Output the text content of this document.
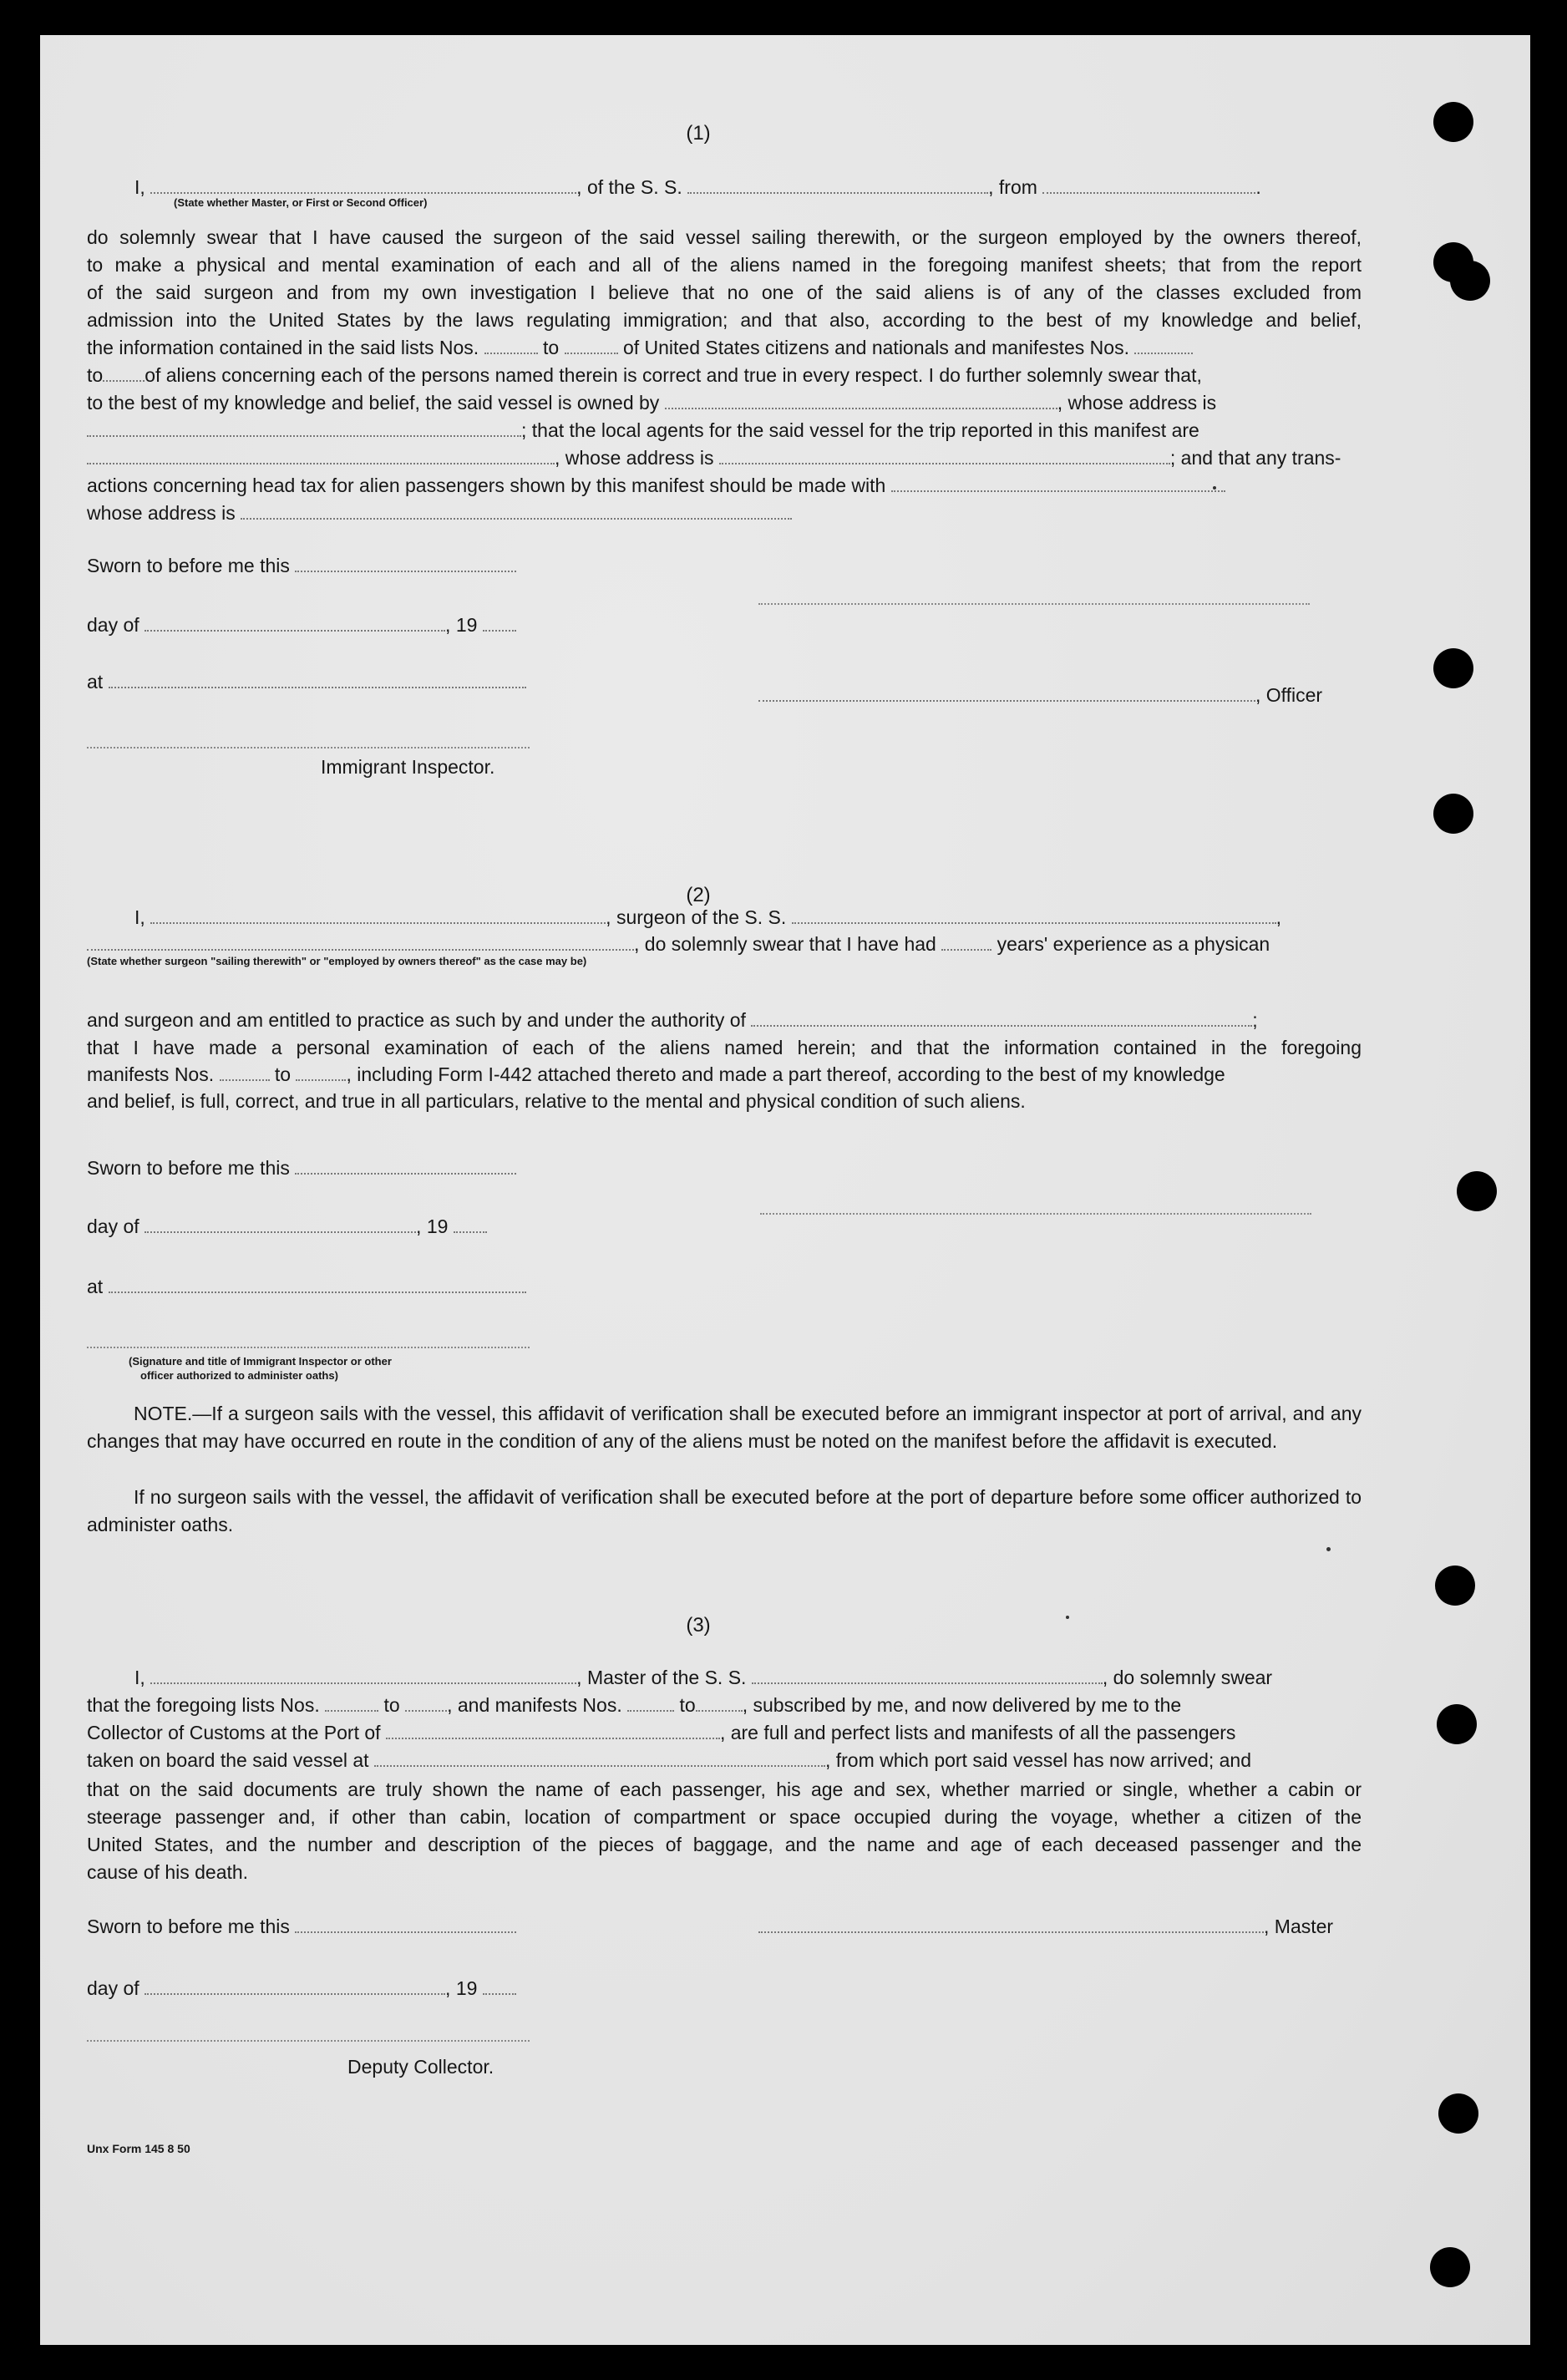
(1)
I,	, of the S. S.	, from	.
(State whether Master, or First or Second Officer)
do solemnly swear that I have caused the surgeon of the said vessel sailing therewith, or the surgeon employed by the owners thereof,
to make a physical and mental examination of each and all of the aliens named in the foregoing manifest sheets; that from the report
of the said surgeon and from my own investigation I believe that no one of the said aliens is of any of the classes excluded from
admission into the United States by the laws regulating immigration; and that also, according to the best of my knowledge and belief,
the information contained in the said lists Nos.	to	of United States citizens and nationals and manifestes Nos.
to of aliens concerning each of the persons named therein is correct and true in every respect. I do further solemnly swear that,
to the best of my knowledge and belief, the said vessel is owned by	, whose address is
; that the local agents for the said vessel for the trip reported in this manifest are
, whose address is	; and that any trans-
actions concerning head tax for alien passengers shown by this manifest should be made with
whose address is
Sworn to before me this
day of	, 19
at
, Officer
Immigrant Inspector.
(2)
I,	, surgeon of the S. S.	,
, do solemnly swear that I have had	years' experience as a physican
(State whether surgeon "sailing therewith" or "employed by owners thereof" as the case may be)
and surgeon and am entitled to practice as such by and under the authority of	;
that I have made a personal examination of each of the aliens named herein; and that the information contained in the foregoing
manifests Nos.	to	, including Form I-442 attached thereto and made a part thereof, according to the best of my knowledge
and belief, is full, correct, and true in all particulars, relative to the mental and physical condition of such aliens.
Sworn to before me this
day of	, 19
at
(Signature and title of Immigrant Inspector or other
officer authorized to administer oaths)
NOTE.—If a surgeon sails with the vessel, this affidavit of verification shall be executed before an immigrant inspector at port of arrival, and any changes that may have occurred en route in the condition of any of the aliens must be noted on the manifest before the affidavit is executed.
If no surgeon sails with the vessel, the affidavit of verification shall be executed before at the port of departure before some officer authorized to administer oaths.
(3)
I,	, Master of the S. S.	, do solemnly swear
that the foregoing lists Nos.	to , and manifests Nos.	to , subscribed by me, and now delivered by me to the
Collector of Customs at the Port of	, are full and perfect lists and manifests of all the passengers
taken on board the said vessel at	, from which port said vessel has now arrived; and
that on the said documents are truly shown the name of each passenger, his age and sex, whether married or single, whether a cabin or
steerage passenger and, if other than cabin, location of compartment or space occupied during the voyage, whether a citizen of the
United States, and the number and description of the pieces of baggage, and the name and age of each deceased passenger and the
cause of his death.
Sworn to before me this	, Master
day of	, 19
Deputy Collector.
Unx Form 145 8 50
